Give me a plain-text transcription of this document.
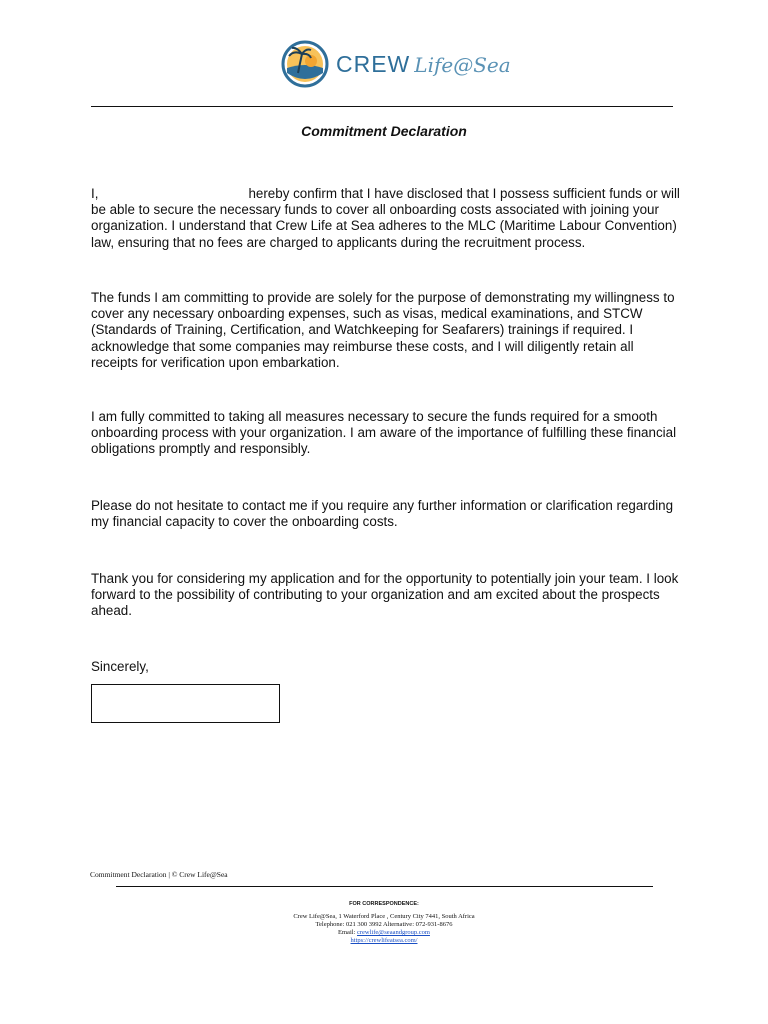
CREW Life@Sea
Commitment Declaration

I,	hereby confirm that I have disclosed that I possess sufficient funds or will be able to secure the necessary funds to cover all onboarding costs associated with joining your organization. I understand that Crew Life at Sea adheres to the MLC (Maritime Labour Convention) law, ensuring that no fees are charged to applicants during the recruitment process.

The funds I am committing to provide are solely for the purpose of demonstrating my willingness to cover any necessary onboarding expenses, such as visas, medical examinations, and STCW (Standards of Training, Certification, and Watchkeeping for Seafarers) trainings if required. I acknowledge that some companies may reimburse these costs, and I will diligently retain all receipts for verification upon embarkation.

I am fully committed to taking all measures necessary to secure the funds required for a smooth onboarding process with your organization. I am aware of the importance of fulfilling these financial obligations promptly and responsibly.

Please do not hesitate to contact me if you require any further information or clarification regarding my financial capacity to cover the onboarding costs.

Thank you for considering my application and for the opportunity to potentially join your team. I look forward to the possibility of contributing to your organization and am excited about the prospects ahead.

Sincerely,

Commitment Declaration | © Crew Life@Sea
FOR CORRESPONDENCE:
Crew Life@Sea, 1 Waterford Place , Century City 7441, South Africa
Telephone: 021 300 3992 Alternative: 072-931-8676
Email: crewlife@seaandgroup.com
https://crewlifeatsea.com/
